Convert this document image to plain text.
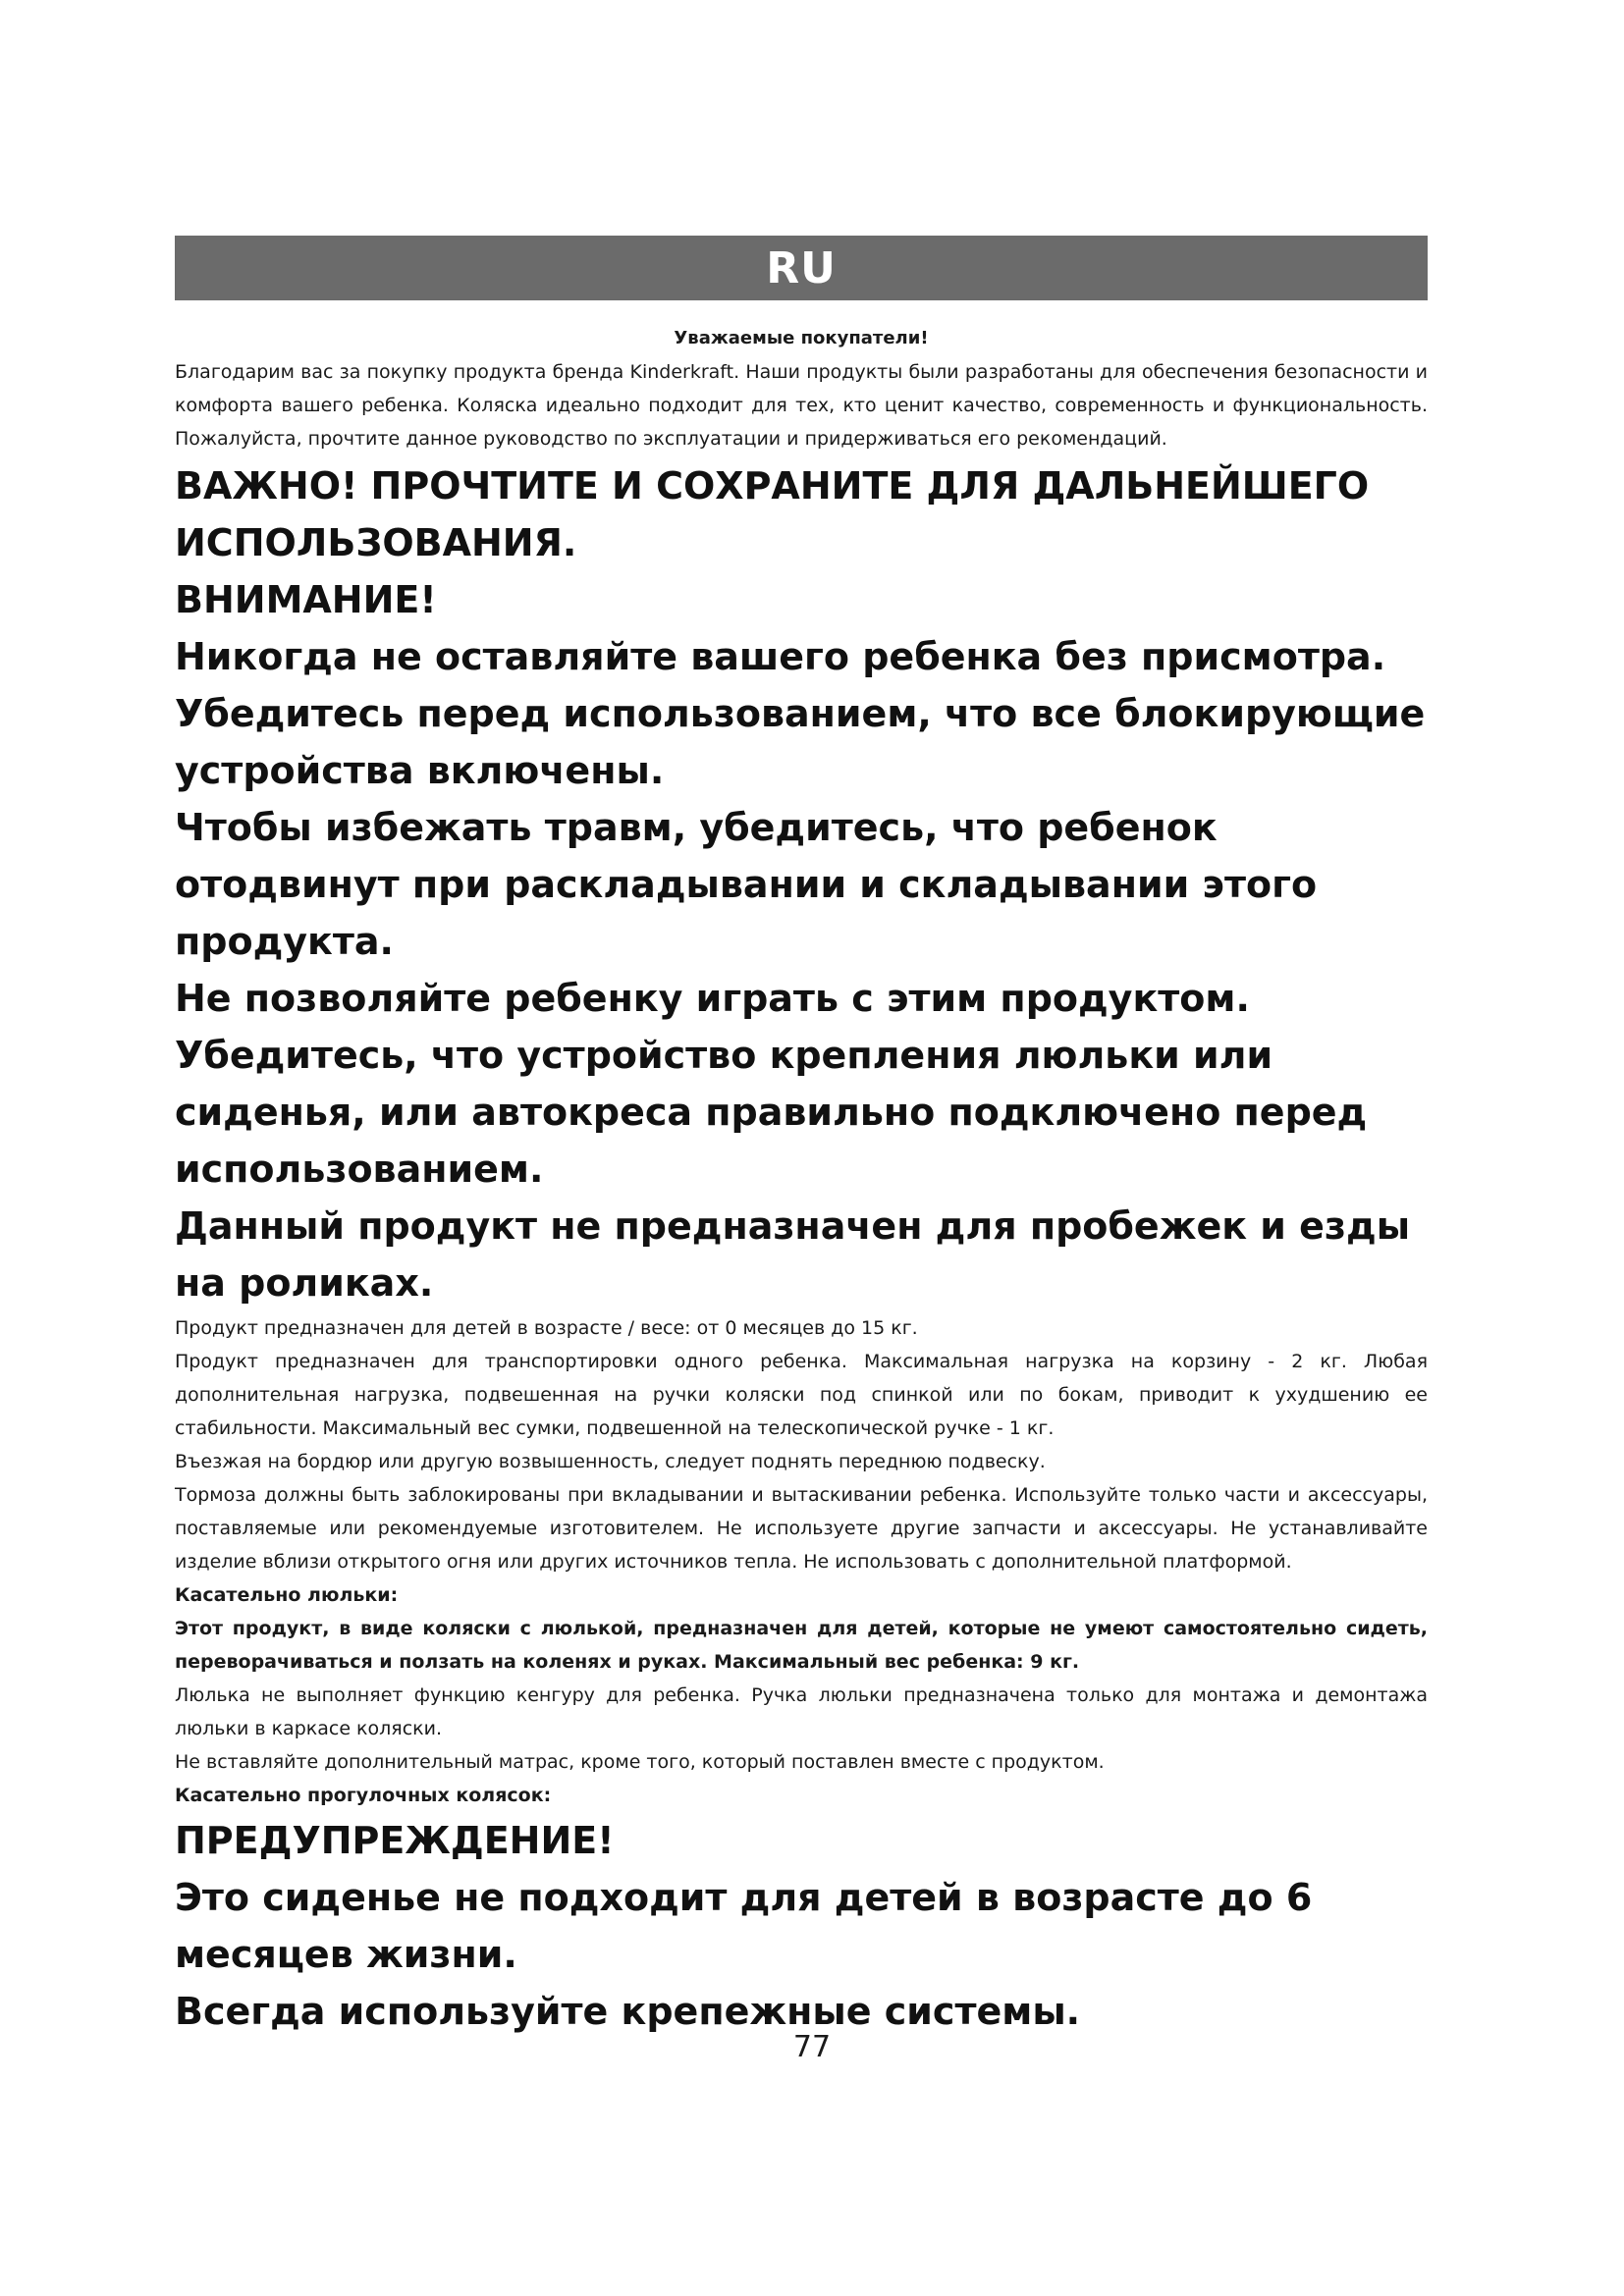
RU

Уважаемые покупатели!

Благодарим вас за покупку продукта бренда Kinderkraft. Наши продукты были разработаны для обеспечения безопасности и комфорта вашего ребенка. Коляска идеально подходит для тех, кто ценит качество, современность и функциональность. Пожалуйста, прочтите данное руководство по эксплуатации и придерживаться его рекомендаций.

ВАЖНО! ПРОЧТИТЕ И СОХРАНИТЕ ДЛЯ ДАЛЬНЕЙШЕГО ИСПОЛЬЗОВАНИЯ.

ВНИМАНИЕ!

Никогда не оставляйте вашего ребенка без присмотра.

Убедитесь перед использованием, что все блокирующие устройства включены.

Чтобы избежать травм, убедитесь, что ребенок отодвинут при раскладывании и складывании этого продукта.

Не позволяйте ребенку играть с этим продуктом.

Убедитесь, что устройство крепления люльки или сиденья, или автокреса правильно подключено перед использованием.

Данный продукт не предназначен для пробежек и езды на роликах.

Продукт предназначен для детей в возрасте / весе: от 0 месяцев до 15 кг.

Продукт предназначен для транспортировки одного ребенка. Максимальная нагрузка на корзину - 2 кг. Любая дополнительная нагрузка, подвешенная на ручки коляски под спинкой или по бокам, приводит к ухудшению ее стабильности. Максимальный вес сумки, подвешенной на телескопической ручке - 1 кг.

Въезжая на бордюр или другую возвышенность, следует поднять переднюю подвеску.

Тормоза должны быть заблокированы при вкладывании и вытаскивании ребенка. Используйте только части и аксессуары, поставляемые или рекомендуемые изготовителем. Не используете другие запчасти и аксессуары. Не устанавливайте изделие вблизи открытого огня или других источников тепла. Не использовать с дополнительной платформой.

Касательно люльки:

Этот продукт, в виде коляски с люлькой, предназначен для детей, которые не умеют самостоятельно сидеть, переворачиваться и ползать на коленях и руках. Максимальный вес ребенка: 9 кг.

Люлька не выполняет функцию кенгуру для ребенка. Ручка люльки предназначена только для монтажа и демонтажа люльки в каркасе коляски.

Не вставляйте дополнительный матрас, кроме того, который поставлен вместе с продуктом.

Касательно прогулочных колясок:

ПРЕДУПРЕЖДЕНИЕ!

Это сиденье не подходит для детей в возрасте до 6 месяцев жизни.

Всегда используйте крепежные системы.

77
